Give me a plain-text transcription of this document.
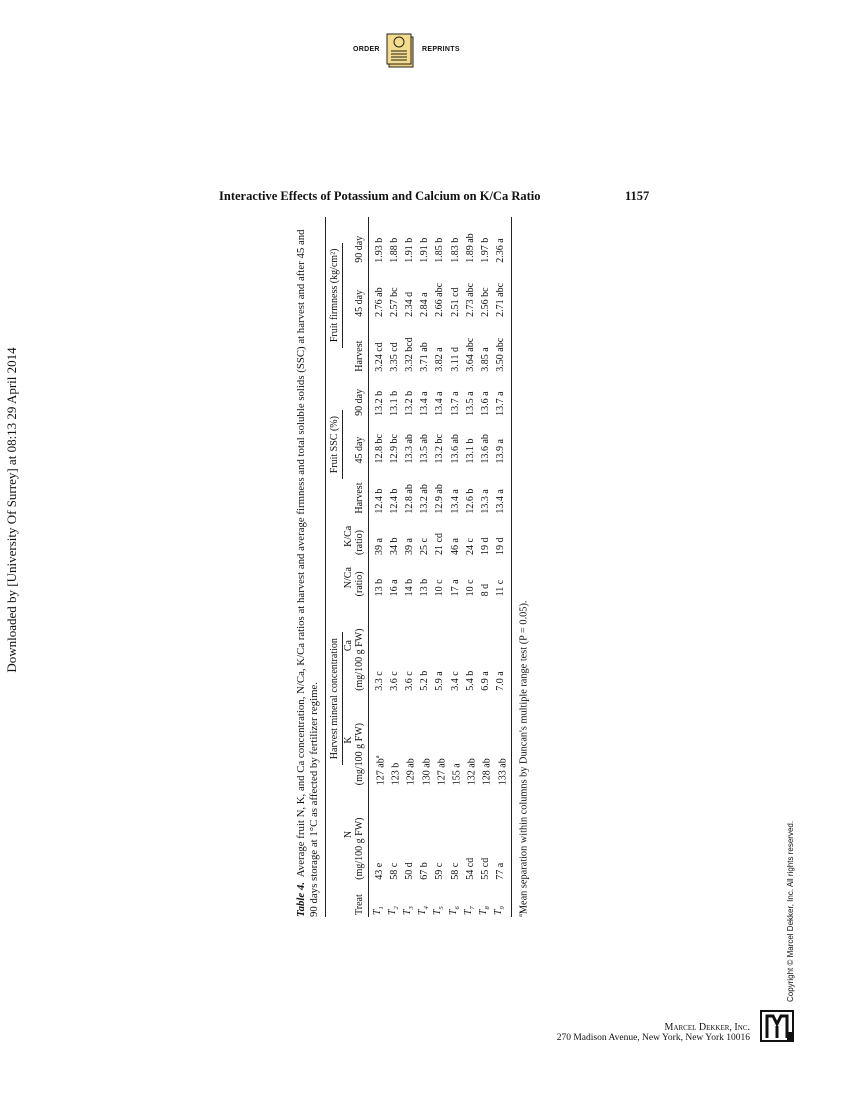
ORDER	REPRINTS
Interactive Effects of Potassium and Calcium on K/Ca Ratio	1157
Downloaded by [University Of Surrey] at 08:13 29 April 2014

Table 4.  Average fruit N, K, and Ca concentration, N/Ca, K/Ca ratios at harvest and average firmness and total soluble solids (SSC) at harvest and after 45 and 90 days storage at 1°C as affected by fertilizer regime.

	Harvest mineral concentration					Fruit SSC (%)			Fruit firmness (kg/cm²)		
	N	K	Ca	N/Ca	K/Ca						
Treat	(mg/100 g FW)	(mg/100 g FW)	(mg/100 g FW)	(ratio)	(ratio)	Harvest	45 day	90 day	Harvest	45 day	90 day
$T_1$	43 e	127 $ab^a$	3.3 c	13 b	39 a	12.4 b	12.8 bc	13.2 b	3.24 cd	2.76 ab	1.93 b
$T_2$	58 c	123 b	3.6 c	16 a	34 b	12.4 b	12.9 bc	13.1 b	3.35 cd	2.57 bc	1.88 b
$T_3$	50 d	129 ab	3.6 c	14 b	39 a	12.8 ab	13.3 ab	13.2 b	3.32 bcd	2.34 d	1.91 b
$T_4$	67 b	130 ab	5.2 b	13 b	25 c	13.2 ab	13.5 ab	13.4 a	3.71 ab	2.84 a	1.91 b
$T_5$	59 c	127 ab	5.9 a	10 c	21 cd	12.9 ab	13.2 bc	13.4 a	3.82 a	2.66 abc	1.85 b
$T_6$	58 c	155 a	3.4 c	17 a	46 a	13.4 a	13.6 ab	13.7 a	3.11 d	2.51 cd	1.83 b
$T_7$	54 cd	132 ab	5.4 b	10 c	24 c	12.6 b	13.1 b	13.5 a	3.64 abc	2.73 abc	1.89 ab
$T_8$	55 cd	128 ab	6.9 a	8 d	19 d	13.3 a	13.6 ab	13.6 a	3.85 a	2.56 bc	1.97 b
$T_9$	77 a	133 ab	7.0 a	11 c	19 d	13.4 a	13.9 a	13.7 a	3.50 abc	2.71 abc	2.36 a
$^a$Mean separation within columns by Duncan's multiple range test (P = 0.05).	Copyright © Marcel Dekker, Inc. All rights reserved.
Marcel Dekker, Inc.
270 Madison Avenue, New York, New York 10016
